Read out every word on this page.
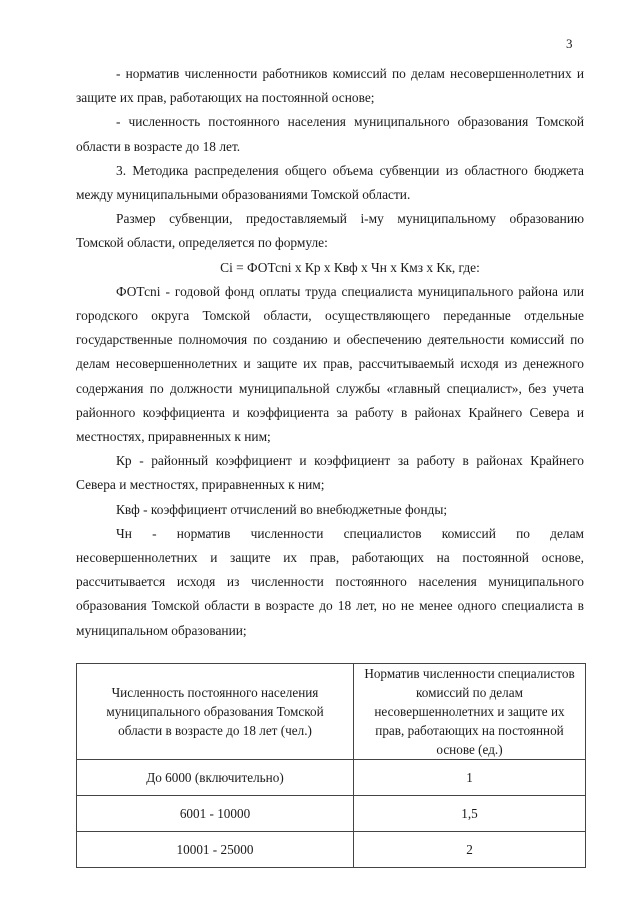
3

- норматив численности работников комиссий по делам несовершеннолетних и защите их прав, работающих на постоянной основе;

- численность постоянного населения муниципального образования Томской области в возрасте до 18 лет.

3. Методика распределения общего объема субвенции из областного бюджета между муниципальными образованиями Томской области.

Размер субвенции, предоставляемый i-му муниципальному образованию Томской области, определяется по формуле:

Ci = ФОТсni x Кр x Квф x Чн x Кмз x Кк, где:

ФОТсni - годовой фонд оплаты труда специалиста муниципального района или городского округа Томской области, осуществляющего переданные отдельные государственные полномочия по созданию и обеспечению деятельности комиссий по делам несовершеннолетних и защите их прав, рассчитываемый исходя из денежного содержания по должности муниципальной службы «главный специалист», без учета районного коэффициента и коэффициента за работу в районах Крайнего Севера и местностях, приравненных к ним;

Кр - районный коэффициент и коэффициент за работу в районах Крайнего Севера и местностях, приравненных к ним;

Квф - коэффициент отчислений во внебюджетные фонды;

Чн - норматив численности специалистов комиссий по делам несовершеннолетних и защите их прав, работающих на постоянной основе, рассчитывается исходя из численности постоянного населения муниципального образования Томской области в возрасте до 18 лет, но не менее одного специалиста в муниципальном образовании;

Численность постоянного населения муниципального образования Томской области в возрасте до 18 лет (чел.)	Норматив численности специалистов комиссий по делам несовершеннолетних и защите их прав, работающих на постоянной основе (ед.)
До 6000 (включительно)	1
6001 - 10000	1,5
10001 - 25000	2
